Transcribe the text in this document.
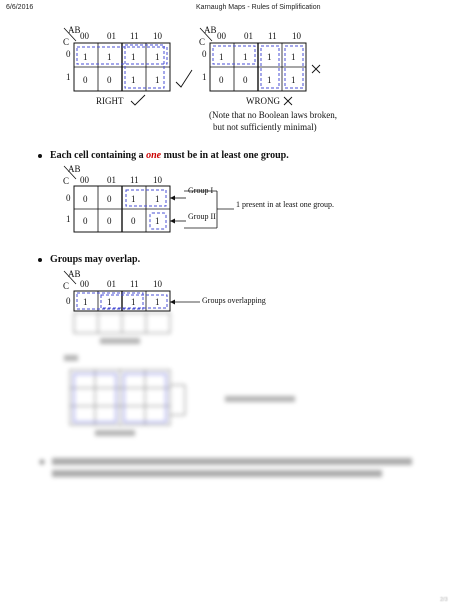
6/6/2016	Karnaugh Maps - Rules of Simplification
AB
C
00 01 11 10
0
1
1 1 1 1
0 0 1 1
AB
C
00 01 11 10
0
1
1 1 1 1
0 0 1 1
AB
C 00 01 11 10
0
1
0 0 1 1
0 0 0 1
AB
C 00 01 11 10
0 1 1 1 1
RIGHT	WRONG
(Note that no Boolean laws broken,
but not sufficiently minimal)
Each cell containing a one must be in at least one group.
Group I
Group II
1 present in at least one group.
Groups may overlap.
Groups overlapping
2/3
